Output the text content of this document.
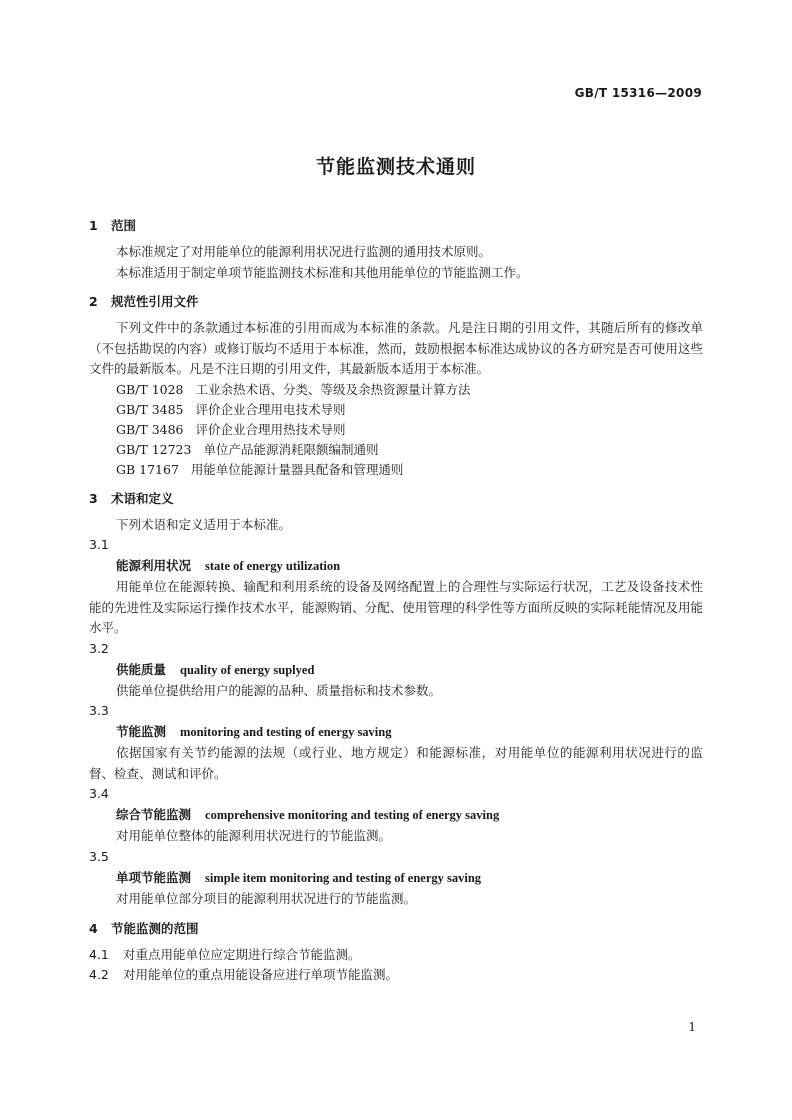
GB/T 15316—2009
节能监测技术通则
1 范围
本标准规定了对用能单位的能源利用状况进行监测的通用技术原则。
本标准适用于制定单项节能监测技术标准和其他用能单位的节能监测工作。
2 规范性引用文件
下列文件中的条款通过本标准的引用而成为本标准的条款。凡是注日期的引用文件，其随后所有的修改单（不包括勘误的内容）或修订版均不适用于本标准，然而，鼓励根据本标准达成协议的各方研究是否可使用这些文件的最新版本。凡是不注日期的引用文件，其最新版本适用于本标准。
GB/T 1028 工业余热术语、分类、等级及余热资源量计算方法
GB/T 3485 评价企业合理用电技术导则
GB/T 3486 评价企业合理用热技术导则
GB/T 12723 单位产品能源消耗限额编制通则
GB 17167 用能单位能源计量器具配备和管理通则
3 术语和定义
下列术语和定义适用于本标准。
3.1
能源利用状况 state of energy utilization
用能单位在能源转换、输配和利用系统的设备及网络配置上的合理性与实际运行状况，工艺及设备技术性能的先进性及实际运行操作技术水平，能源购销、分配、使用管理的科学性等方面所反映的实际耗能情况及用能水平。
3.2
供能质量 quality of energy suplyed
供能单位提供给用户的能源的品种、质量指标和技术参数。
3.3
节能监测 monitoring and testing of energy saving
依据国家有关节约能源的法规（或行业、地方规定）和能源标准，对用能单位的能源利用状况进行的监督、检查、测试和评价。
3.4
综合节能监测 comprehensive monitoring and testing of energy saving
对用能单位整体的能源利用状况进行的节能监测。
3.5
单项节能监测 simple item monitoring and testing of energy saving
对用能单位部分项目的能源利用状况进行的节能监测。
4 节能监测的范围
4.1 对重点用能单位应定期进行综合节能监测。
4.2 对用能单位的重点用能设备应进行单项节能监测。
1
